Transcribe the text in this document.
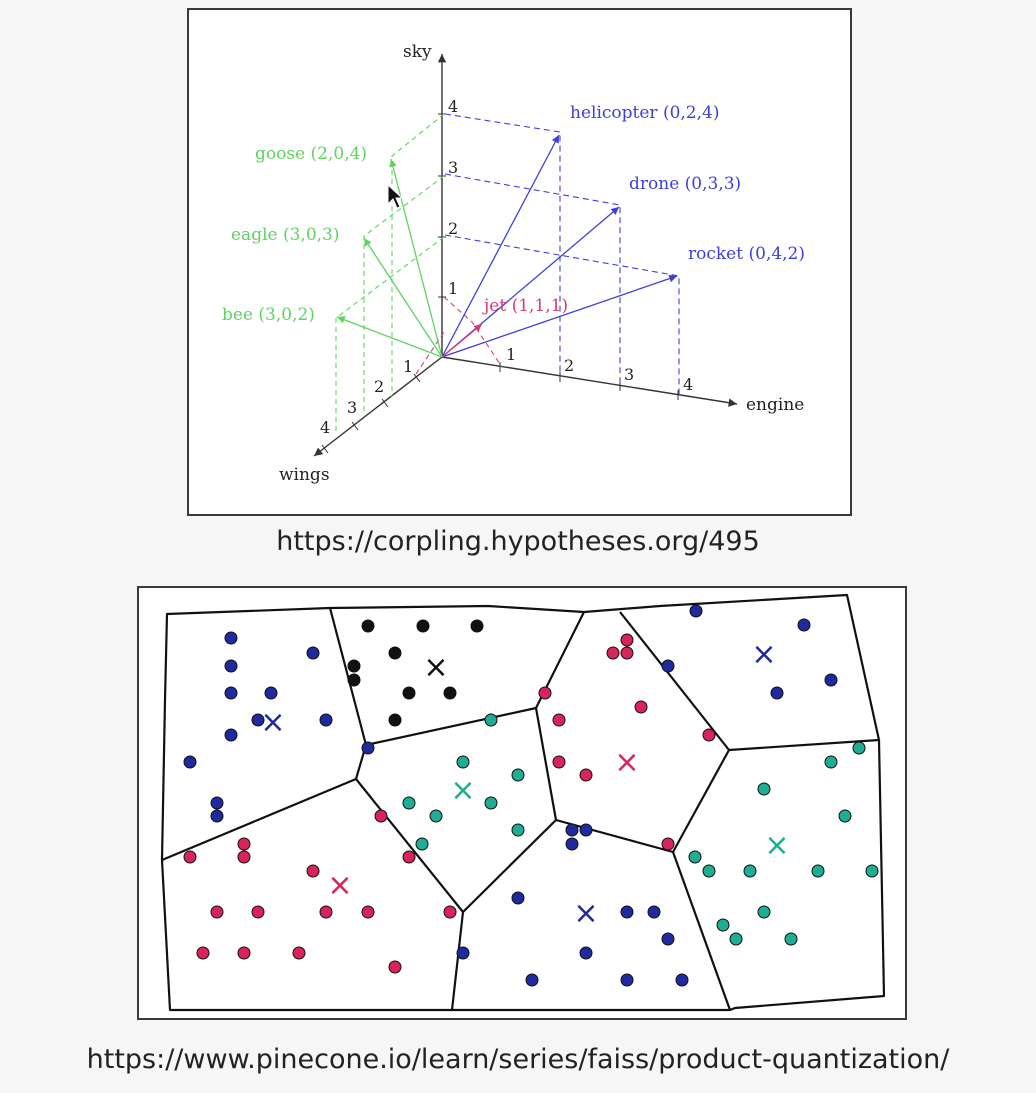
sky
engine
wings
1
2
3
4
1
2	3
4
1
2
3
4
helicopter (0,2,4)
drone (0,3,3)
rocket (0,4,2)
jet (1,1,1)
goose (2,0,4)
eagle (3,0,3)
bee (3,0,2)
https://corpling.hypotheses.org/495
×
×	×
×
×
×
×
×
https://www.pinecone.io/learn/series/faiss/product-quantization/
